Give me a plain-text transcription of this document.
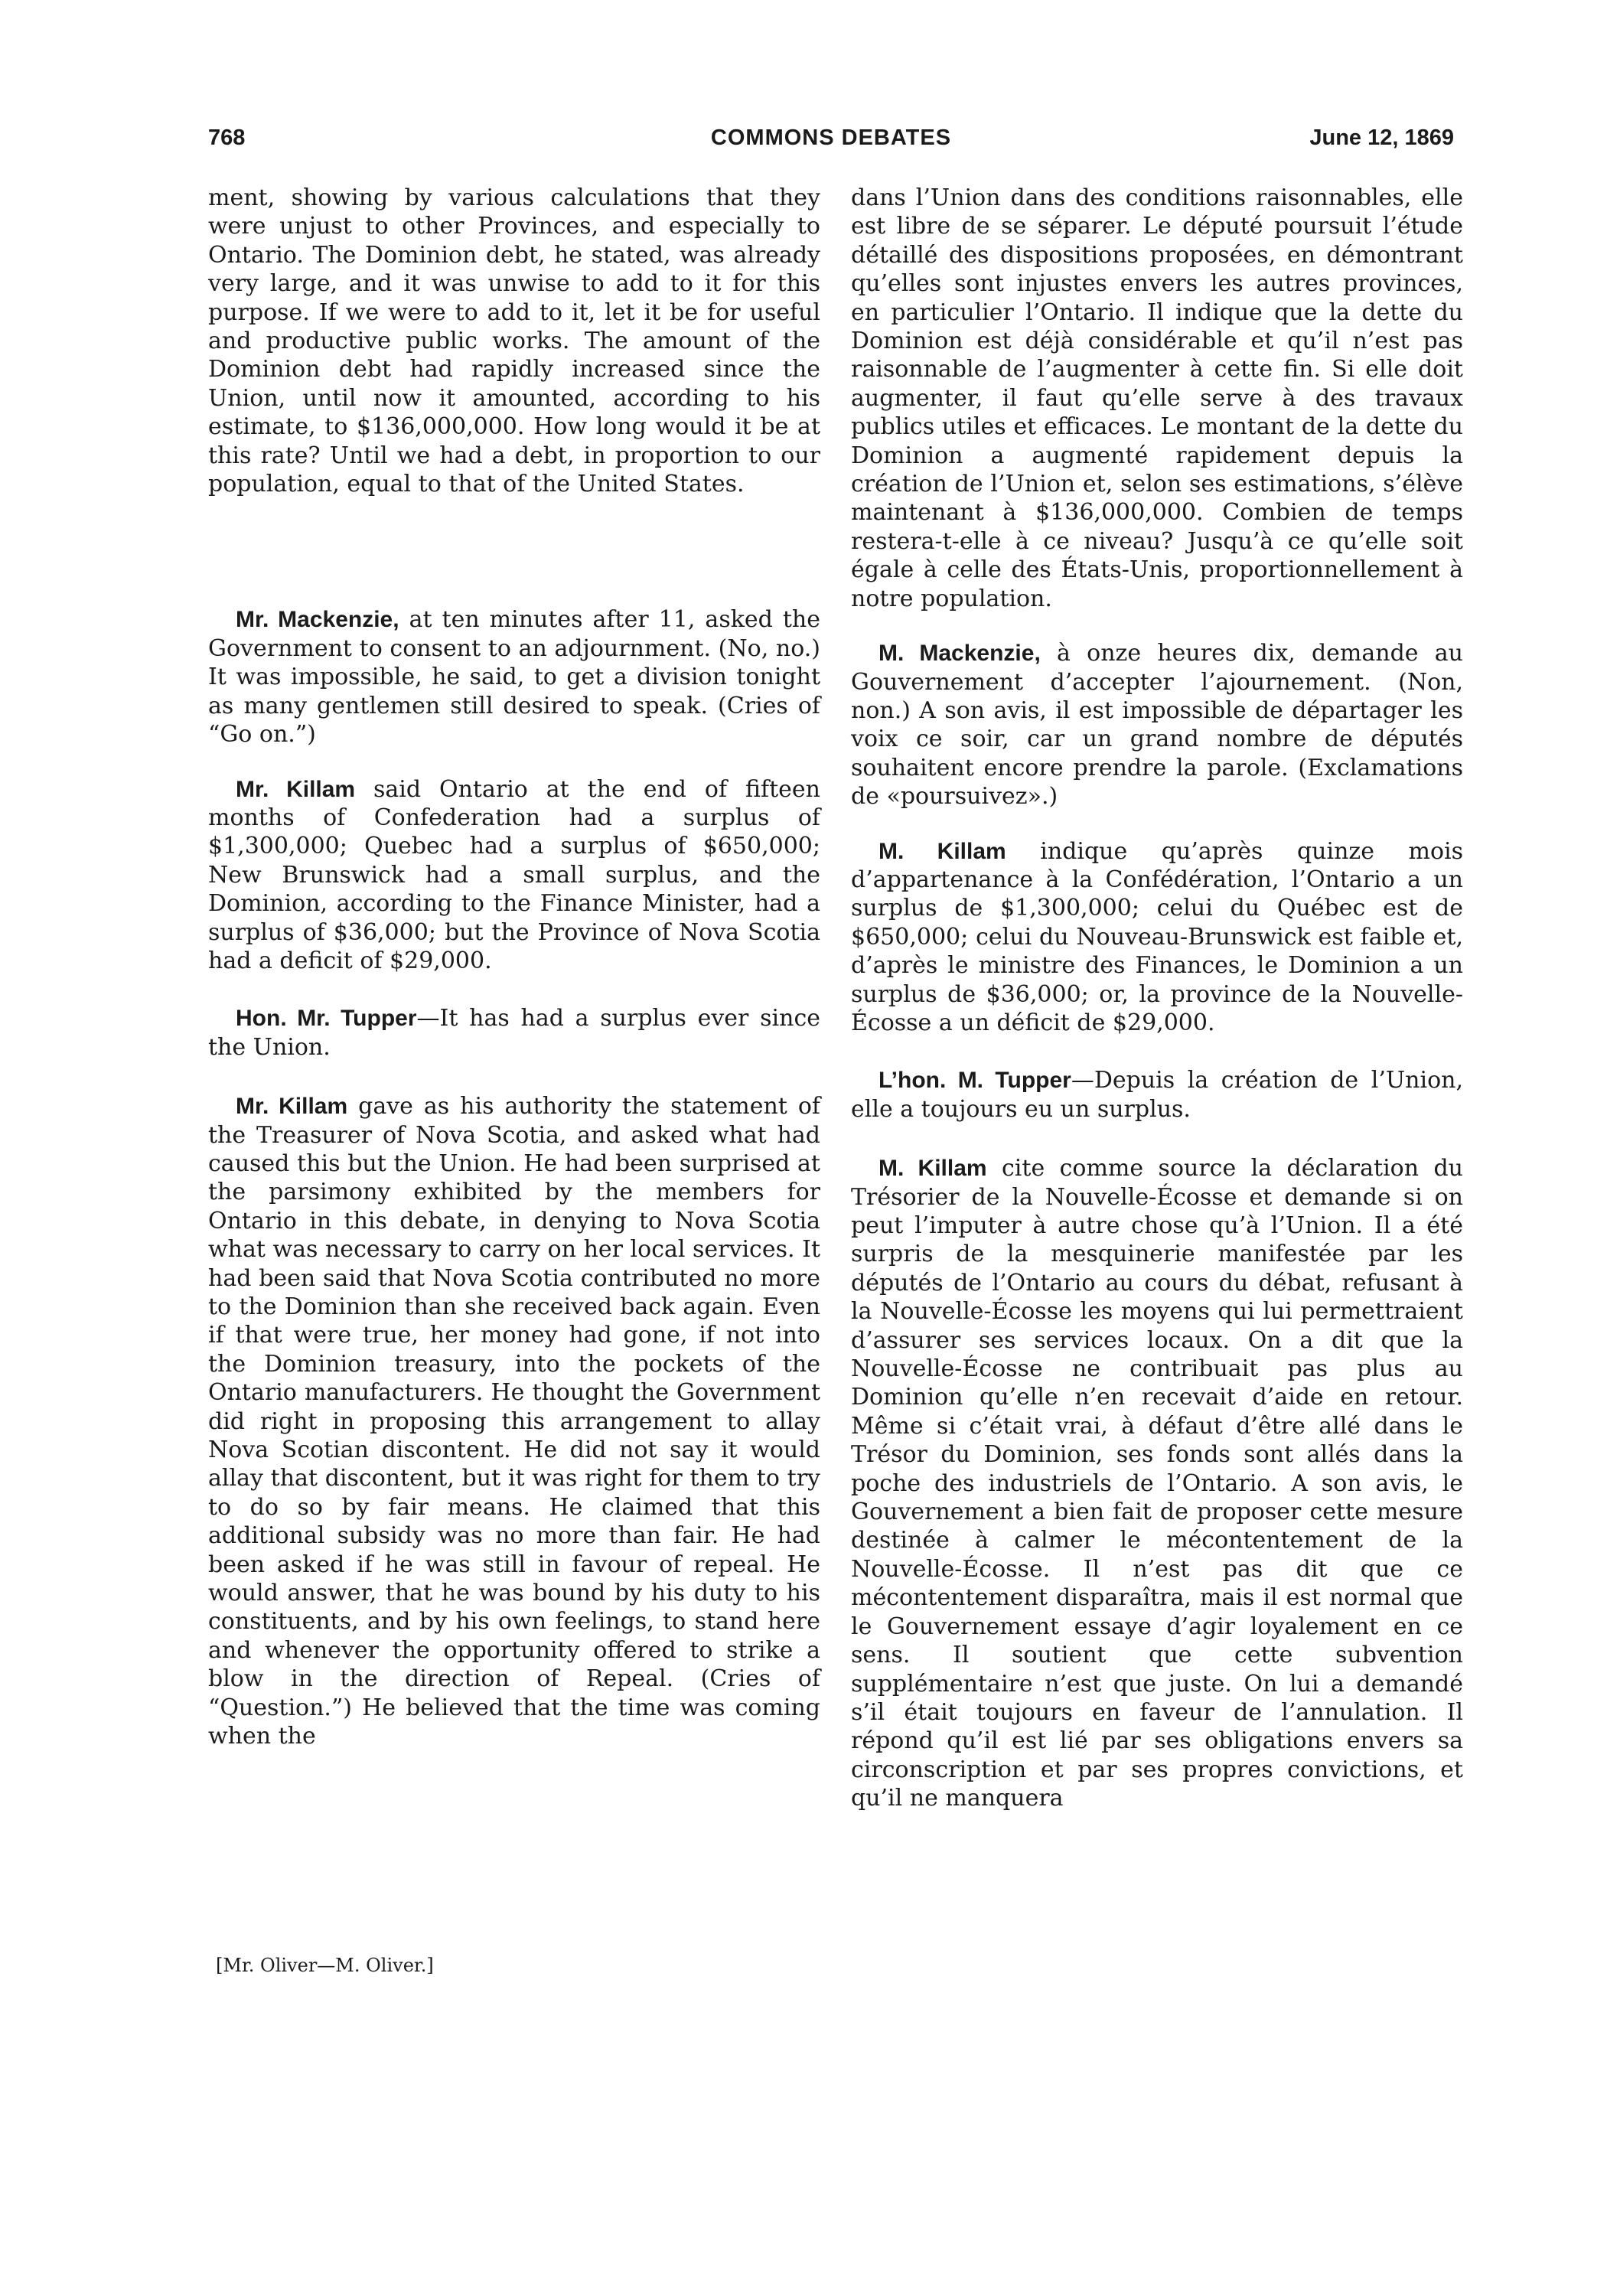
768	COMMONS DEBATES	June 12, 1869

ment, showing by various calculations that they were unjust to other Provinces, and especially to Ontario. The Dominion debt, he stated, was already very large, and it was unwise to add to it for this purpose. If we were to add to it, let it be for useful and productive public works. The amount of the Dominion debt had rapidly increased since the Union, until now it amounted, according to his estimate, to $136,000,000. How long would it be at this rate? Until we had a debt, in proportion to our population, equal to that of the United States.

Mr. Mackenzie, at ten minutes after 11, asked the Government to consent to an adjournment. (No, no.) It was impossible, he said, to get a division tonight as many gentlemen still desired to speak. (Cries of “Go on.”)

Mr. Killam said Ontario at the end of fifteen months of Confederation had a surplus of $1,300,000; Quebec had a surplus of $650,000; New Brunswick had a small surplus, and the Dominion, according to the Finance Minister, had a surplus of $36,000; but the Province of Nova Scotia had a deficit of $29,000.

Hon. Mr. Tupper—It has had a surplus ever since the Union.

Mr. Killam gave as his authority the statement of the Treasurer of Nova Scotia, and asked what had caused this but the Union. He had been surprised at the parsimony exhibited by the members for Ontario in this debate, in denying to Nova Scotia what was necessary to carry on her local services. It had been said that Nova Scotia contributed no more to the Dominion than she received back again. Even if that were true, her money had gone, if not into the Dominion treasury, into the pockets of the Ontario manufacturers. He thought the Government did right in proposing this arrangement to allay Nova Scotian discontent. He did not say it would allay that discontent, but it was right for them to try to do so by fair means. He claimed that this additional subsidy was no more than fair. He had been asked if he was still in favour of repeal. He would answer, that he was bound by his duty to his constituents, and by his own feelings, to stand here and whenever the opportunity offered to strike a blow in the direction of Repeal. (Cries of “Question.”) He believed that the time was coming when the

dans l’Union dans des conditions raisonnables, elle est libre de se séparer. Le député poursuit l’étude détaillé des dispositions proposées, en démontrant qu’elles sont injustes envers les autres provinces, en particulier l’Ontario. Il indique que la dette du Dominion est déjà considérable et qu’il n’est pas raisonnable de l’augmenter à cette fin. Si elle doit augmenter, il faut qu’elle serve à des travaux publics utiles et efficaces. Le montant de la dette du Dominion a augmenté rapidement depuis la création de l’Union et, selon ses estimations, s’élève maintenant à $136,000,000. Combien de temps restera-t-elle à ce niveau? Jusqu’à ce qu’elle soit égale à celle des États-Unis, proportionnellement à notre population.

M. Mackenzie, à onze heures dix, demande au Gouvernement d’accepter l’ajournement. (Non, non.) A son avis, il est impossible de départager les voix ce soir, car un grand nombre de députés souhaitent encore prendre la parole. (Exclamations de «poursuivez».)

M. Killam indique qu’après quinze mois d’appartenance à la Confédération, l’Ontario a un surplus de $1,300,000; celui du Québec est de $650,000; celui du Nouveau-Brunswick est faible et, d’après le ministre des Finances, le Dominion a un surplus de $36,000; or, la province de la Nouvelle-Écosse a un déficit de $29,000.

L’hon. M. Tupper—Depuis la création de l’Union, elle a toujours eu un surplus.

M. Killam cite comme source la déclaration du Trésorier de la Nouvelle-Écosse et demande si on peut l’imputer à autre chose qu’à l’Union. Il a été surpris de la mesquinerie manifestée par les députés de l’Ontario au cours du débat, refusant à la Nouvelle-Écosse les moyens qui lui permettraient d’assurer ses services locaux. On a dit que la Nouvelle-Écosse ne contribuait pas plus au Dominion qu’elle n’en recevait d’aide en retour. Même si c’était vrai, à défaut d’être allé dans le Trésor du Dominion, ses fonds sont allés dans la poche des industriels de l’Ontario. A son avis, le Gouvernement a bien fait de proposer cette mesure destinée à calmer le mécontentement de la Nouvelle-Écosse. Il n’est pas dit que ce mécontentement disparaîtra, mais il est normal que le Gouvernement essaye d’agir loyalement en ce sens. Il soutient que cette subvention supplémentaire n’est que juste. On lui a demandé s’il était toujours en faveur de l’annulation. Il répond qu’il est lié par ses obligations envers sa circonscription et par ses propres convictions, et qu’il ne manquera

[Mr. Oliver—M. Oliver.]
